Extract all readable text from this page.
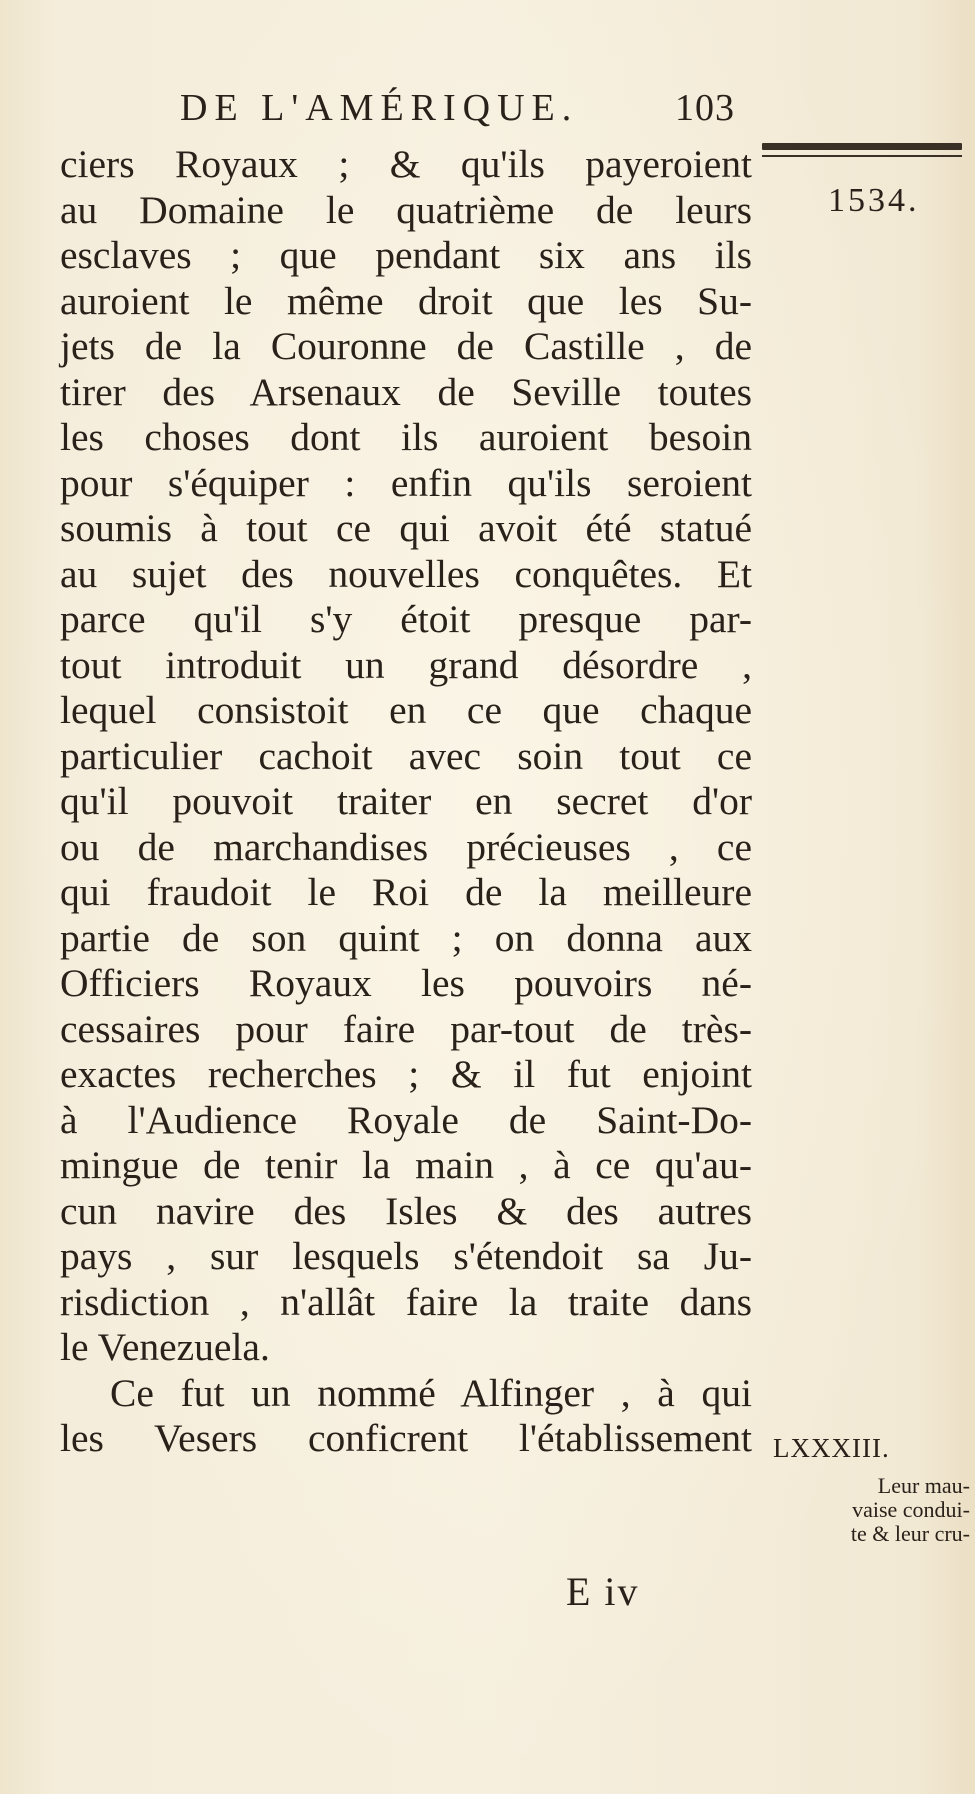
DE L'AMÉRIQUE.	103
1534.
ciers Royaux ; & qu'ils payeroient
au Domaine le quatrième de leurs
esclaves ; que pendant six ans ils
auroient le même droit que les Su-
jets de la Couronne de Castille , de
tirer des Arsenaux de Seville toutes
les choses dont ils auroient besoin
pour s'équiper : enfin qu'ils seroient
soumis à tout ce qui avoit été statué
au sujet des nouvelles conquêtes. Et
parce qu'il s'y étoit presque par-
tout introduit un grand désordre ,
lequel consistoit en ce que chaque
particulier cachoit avec soin tout ce
qu'il pouvoit traiter en secret d'or
ou de marchandises précieuses , ce
qui fraudoit le Roi de la meilleure
partie de son quint ; on donna aux
Officiers Royaux les pouvoirs né-
cessaires pour faire par-tout de très-
exactes recherches ; & il fut enjoint
à l'Audience Royale de Saint-Do-
mingue de tenir la main , à ce qu'au-
cun navire des Isles & des autres
pays , sur lesquels s'étendoit sa Ju-
risdiction , n'allât faire la traite dans
le Venezuela.
Ce fut un nommé Alfinger , à qui
les Vesers conficrent l'établissement LXXXIII.
Leur mau-
vaise condui-
te & leur cru-
E iv
